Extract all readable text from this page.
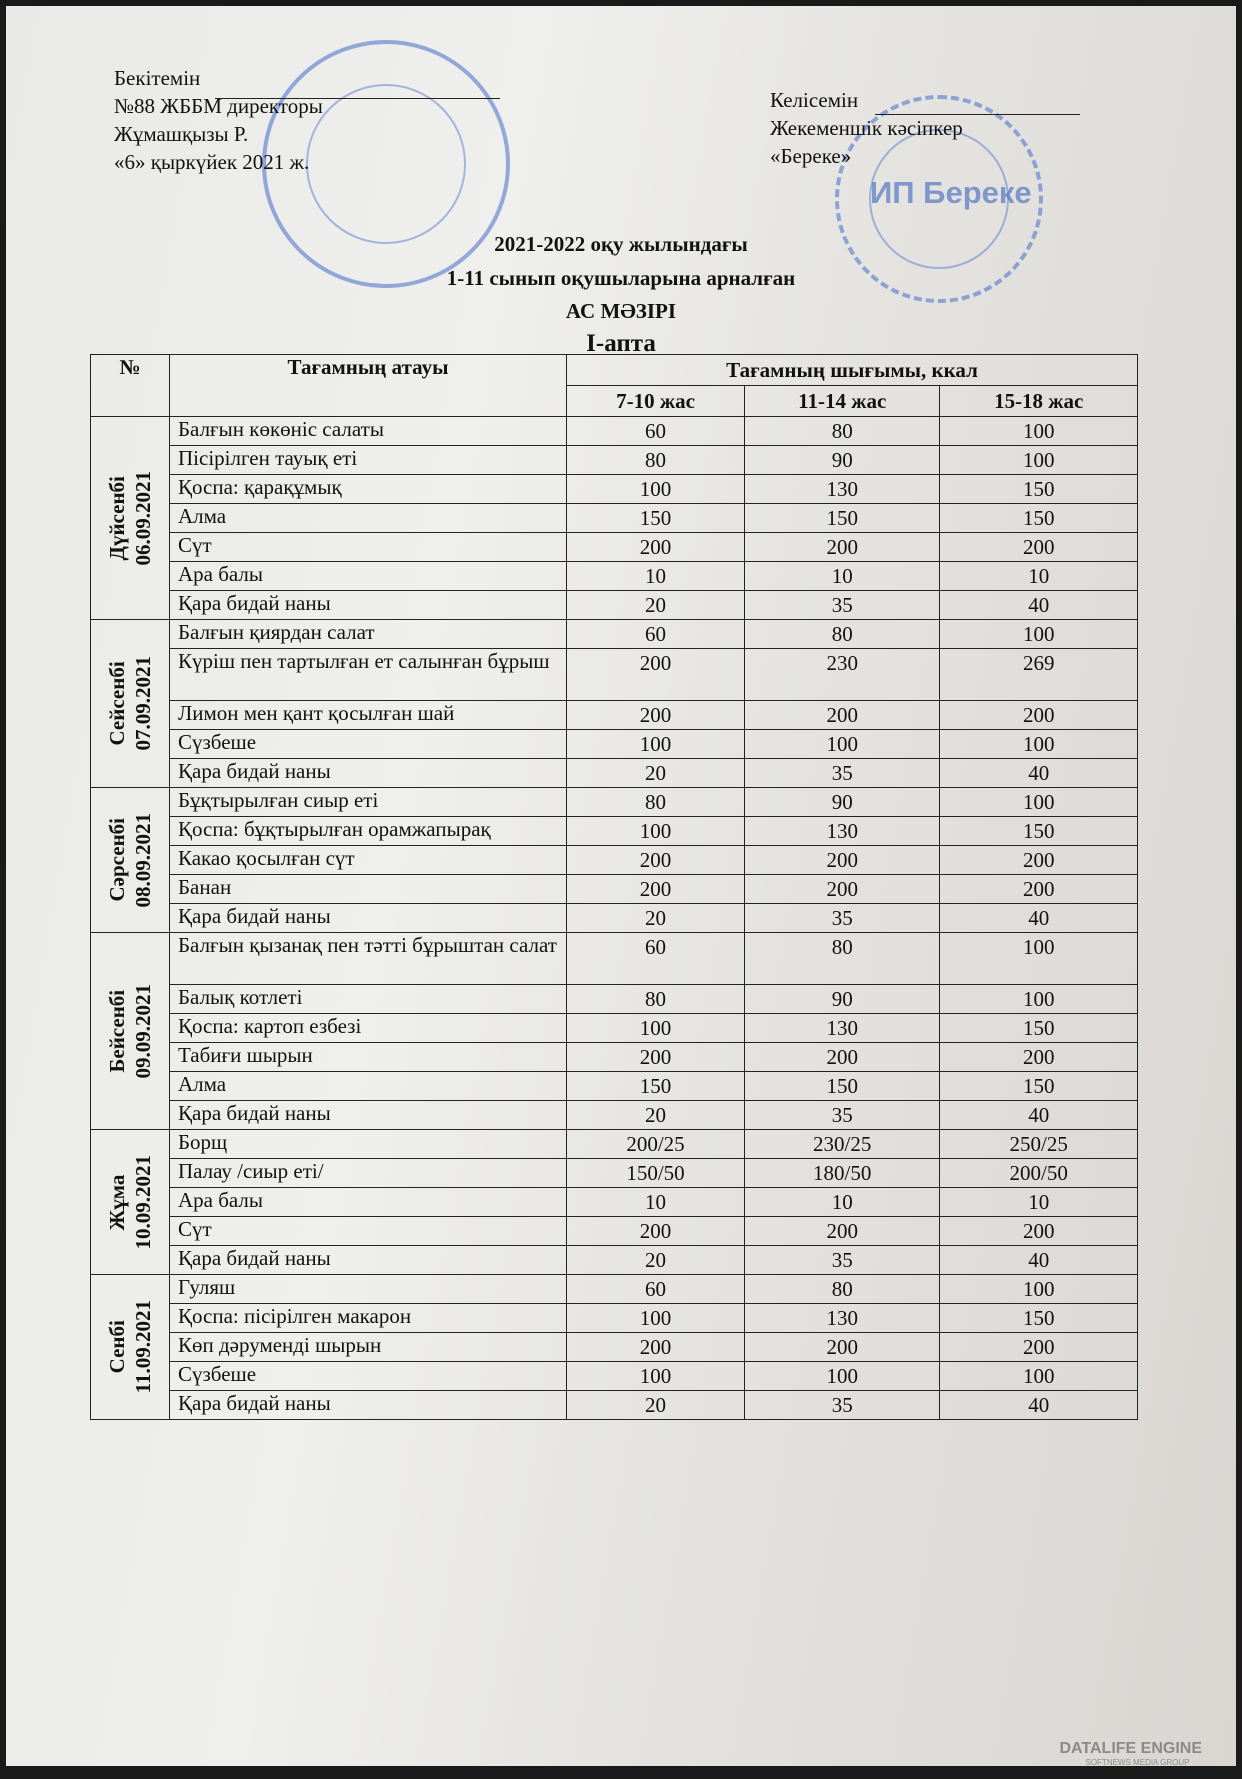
ИП Береке
Бекітемін
№88 ЖББМ директоры
Жұмашқызы Р.
«6» қыркүйек 2021 ж.
Келісемін
Жекеменшік кәсіпкер
«Береке»
2021-2022 оқу жылындағы
1-11 сынып оқушыларына арналған
АС МӘЗІРІ
І-апта
№	Тағамның атауы	Тағамның шығымы, ккал		
		7-10 жас	11-14 жас	15-18 жас

Дүйсенбі
06.09.2021	Балғын көкөніс салаты	60	80	100
	Пісірілген тауық еті	80	90	100
	Қоспа: қарақұмық	100	130	150
	Алма	150	150	150
	Сүт	200	200	200
	Ара балы	10	10	10
	Қара бидай наны	20	35	40

Сейсенбі
07.09.2021	Балғын қиярдан салат	60	80	100
	Күріш пен тартылған ет салынған бұрыш	200	230	269
	Лимон мен қант қосылған шай	200	200	200
	Сүзбеше	100	100	100
	Қара бидай наны	20	35	40

Сәрсенбі
08.09.2021	Бұқтырылған сиыр еті	80	90	100
	Қоспа: бұқтырылған орамжапырақ	100	130	150
	Какао қосылған сүт	200	200	200
	Банан	200	200	200
	Қара бидай наны	20	35	40

Бейсенбі
09.09.2021	Балғын қызанақ пен тәтті бұрыштан салат	60	80	100
	Балық котлеті	80	90	100
	Қоспа: картоп езбезі	100	130	150
	Табиғи шырын	200	200	200
	Алма	150	150	150
	Қара бидай наны	20	35	40

Жұма
10.09.2021	Борщ	200/25	230/25	250/25
	Палау /сиыр еті/	150/50	180/50	200/50
	Ара балы	10	10	10
	Сүт	200	200	200
	Қара бидай наны	20	35	40

Сенбі
11.09.2021	Гуляш	60	80	100
	Қоспа: пісірілген макарон	100	130	150
	Көп дәруменді шырын	200	200	200
	Сүзбеше	100	100	100
	Қара бидай наны	20	35	40
DATALIFE ENGINE
SOFTNEWS MEDIA GROUP
